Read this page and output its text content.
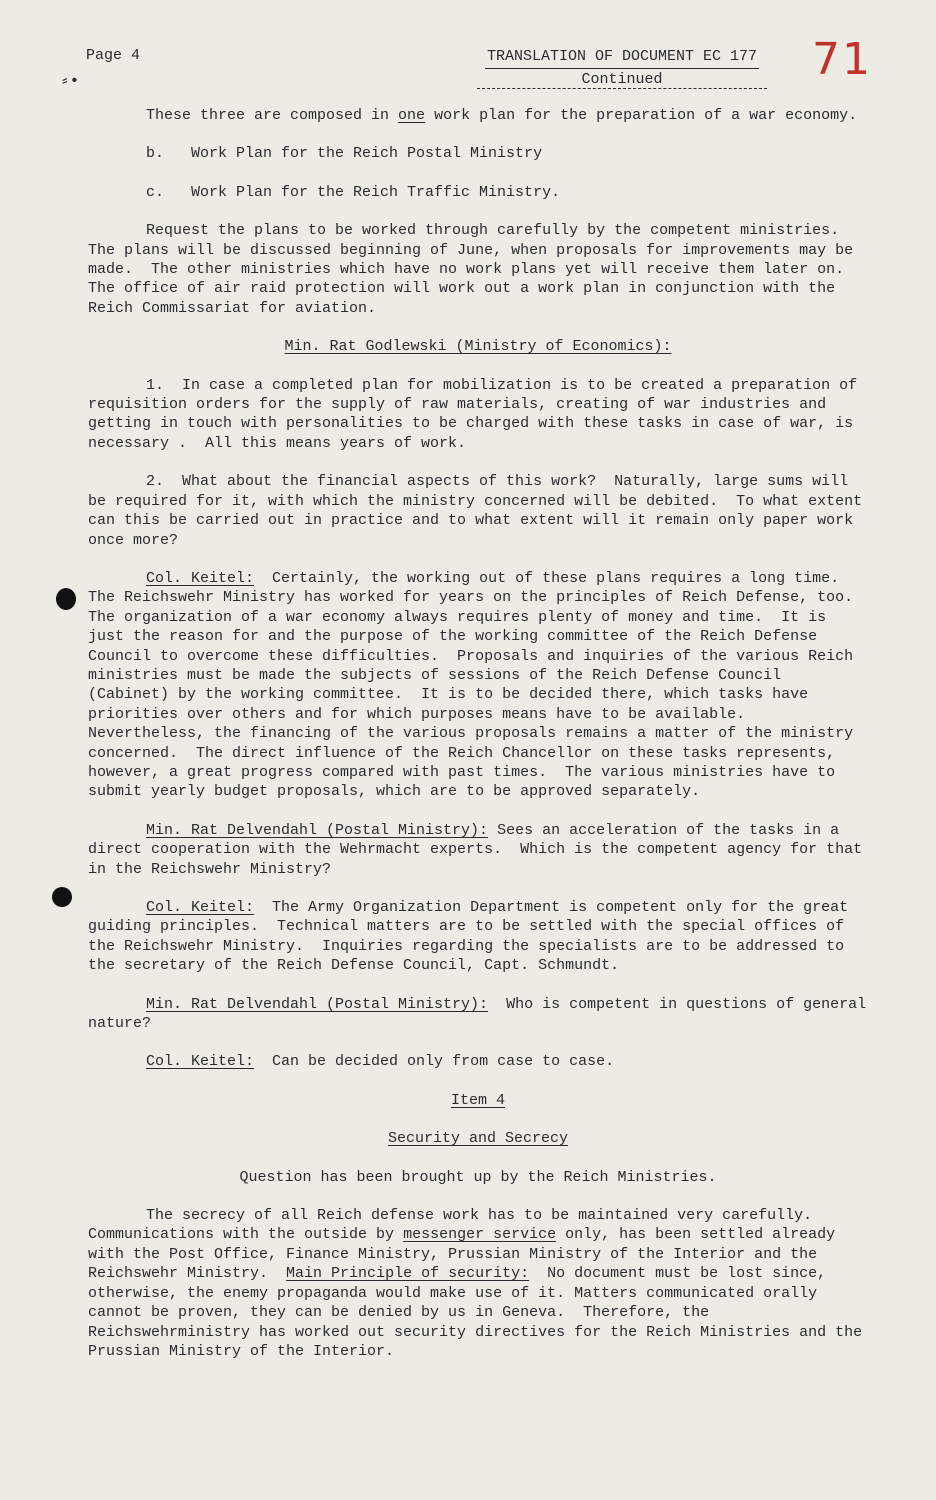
Page 4	TRANSLATION OF DOCUMENT EC 177
Continued	71
⸗•

These three are composed in one work plan for the preparation of a war economy.

b.   Work Plan for the Reich Postal Ministry

c.   Work Plan for the Reich Traffic Ministry.

Request the plans to be worked through carefully by the competent ministries.  The plans will be discussed beginning of June, when proposals for improvements may be made.  The other ministries which have no work plans yet will receive them later on.  The office of air raid protection will work out a work plan in conjunction with the Reich Commissariat for aviation.

Min. Rat Godlewski (Ministry of Economics):

1.  In case a completed plan for mobilization is to be created a preparation of requisition orders for the supply of raw materials, creating of war industries and getting in touch with personalities to be charged with these tasks in case of war, is necessary .  All this means years of work.

2.  What about the financial aspects of this work?  Naturally, large sums will be required for it, with which the ministry concerned will be debited.  To what extent can this be carried out in practice and to what extent will it remain only paper work once more?

Col. Keitel:  Certainly, the working out of these plans requires a long time.  The Reichswehr Ministry has worked for years on the principles of Reich Defense, too.  The organization of a war economy always requires plenty of money and time.  It is just the reason for and the purpose of the working committee of the Reich Defense Council to overcome these difficulties.  Proposals and inquiries of the various Reich ministries must be made the subjects of sessions of the Reich Defense Council (Cabinet) by the working committee.  It is to be decided there, which tasks have priorities over others and for which purposes means have to be available.  Nevertheless, the financing of the various proposals remains a matter of the ministry concerned.  The direct influence of the Reich Chancellor on these tasks represents, however, a great progress compared with past times.  The various ministries have to submit yearly budget proposals, which are to be approved separately.

Min. Rat Delvendahl (Postal Ministry): Sees an acceleration of the tasks in a direct cooperation with the Wehrmacht experts.  Which is the competent agency for that in the Reichswehr Ministry?

Col. Keitel:  The Army Organization Department is competent only for the great guiding principles.  Technical matters are to be settled with the special offices of the Reichswehr Ministry.  Inquiries regarding the specialists are to be addressed to the secretary of the Reich Defense Council, Capt. Schmundt.

Min. Rat Delvendahl (Postal Ministry):  Who is competent in questions of general nature?

Col. Keitel:  Can be decided only from case to case.

Item 4

Security and Secrecy

Question has been brought up by the Reich Ministries.

The secrecy of all Reich defense work has to be maintained very carefully.  Communications with the outside by messenger service only, has been settled already with the Post Office, Finance Ministry, Prussian Ministry of the Interior and the Reichswehr Ministry.  Main Principle of security:  No document must be lost since, otherwise, the enemy propaganda would make use of it. Matters communicated orally cannot be proven, they can be denied by us in Geneva.  Therefore, the Reichswehrministry has worked out security directives for the Reich Ministries and the Prussian Ministry of the Interior.
